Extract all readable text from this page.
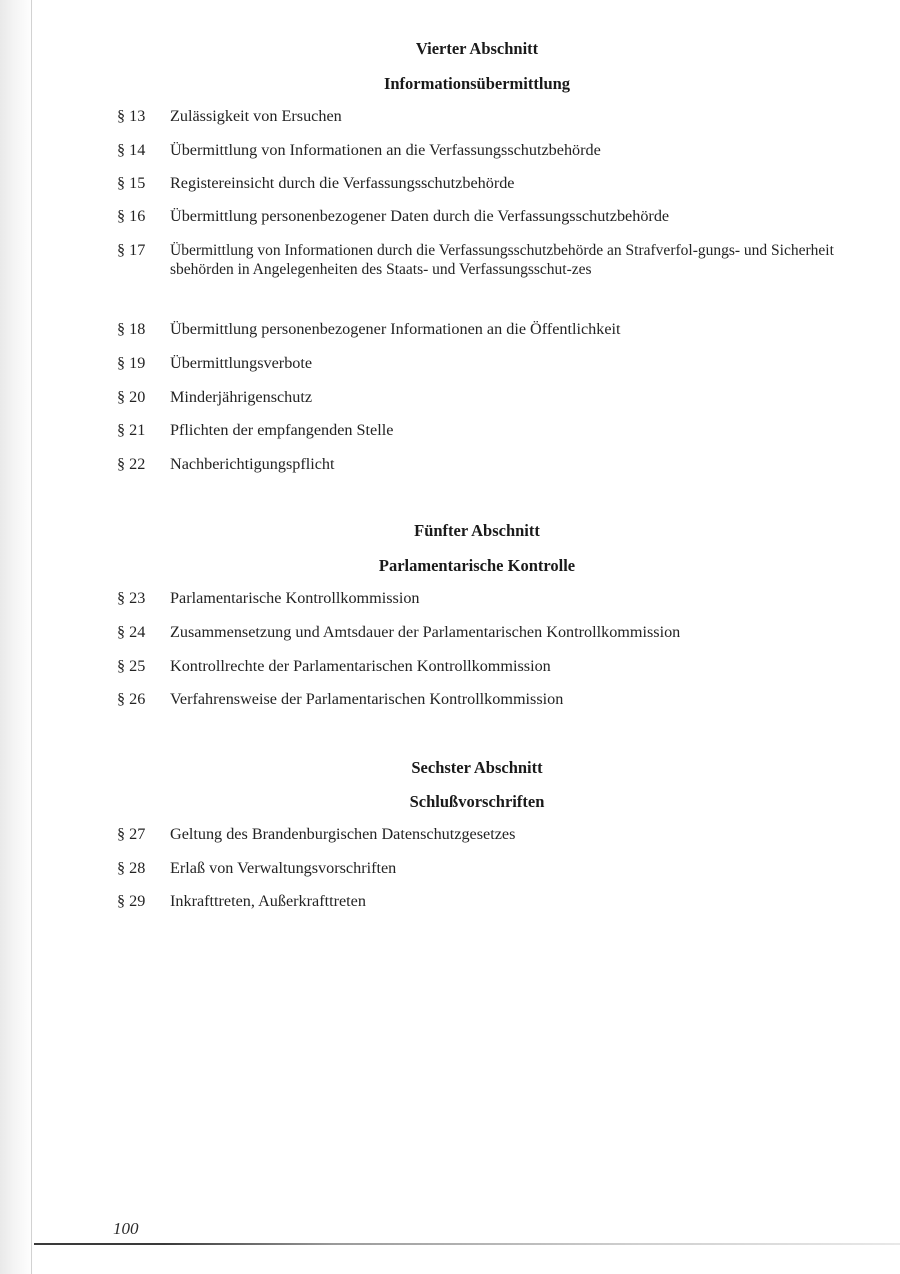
Vierter Abschnitt
Informationsübermittlung
§ 13 Zulässigkeit von Ersuchen
§ 14 Übermittlung von Informationen an die Verfassungsschutzbehörde
§ 15 Registereinsicht durch die Verfassungsschutzbehörde
§ 16 Übermittlung personenbezogener Daten durch die Verfassungsschutzbehörde
§ 17 Übermittlung von Informationen durch die Verfassungsschutzbehörde an Strafverfol-gungs- und Sicherheitsbehörden in Angelegenheiten des Staats- und Verfassungsschut-zes
§ 18 Übermittlung personenbezogener Informationen an die Öffentlichkeit
§ 19 Übermittlungsverbote
§ 20 Minderjährigenschutz
§ 21 Pflichten der empfangenden Stelle
§ 22 Nachberichtigungspflicht
Fünfter Abschnitt
Parlamentarische Kontrolle
§ 23 Parlamentarische Kontrollkommission
§ 24 Zusammensetzung und Amtsdauer der Parlamentarischen Kontrollkommission
§ 25 Kontrollrechte der Parlamentarischen Kontrollkommission
§ 26 Verfahrensweise der Parlamentarischen Kontrollkommission
Sechster Abschnitt
Schlußvorschriften
§ 27 Geltung des Brandenburgischen Datenschutzgesetzes
§ 28 Erlaß von Verwaltungsvorschriften
§ 29 Inkrafttreten, Außerkrafttreten
100
